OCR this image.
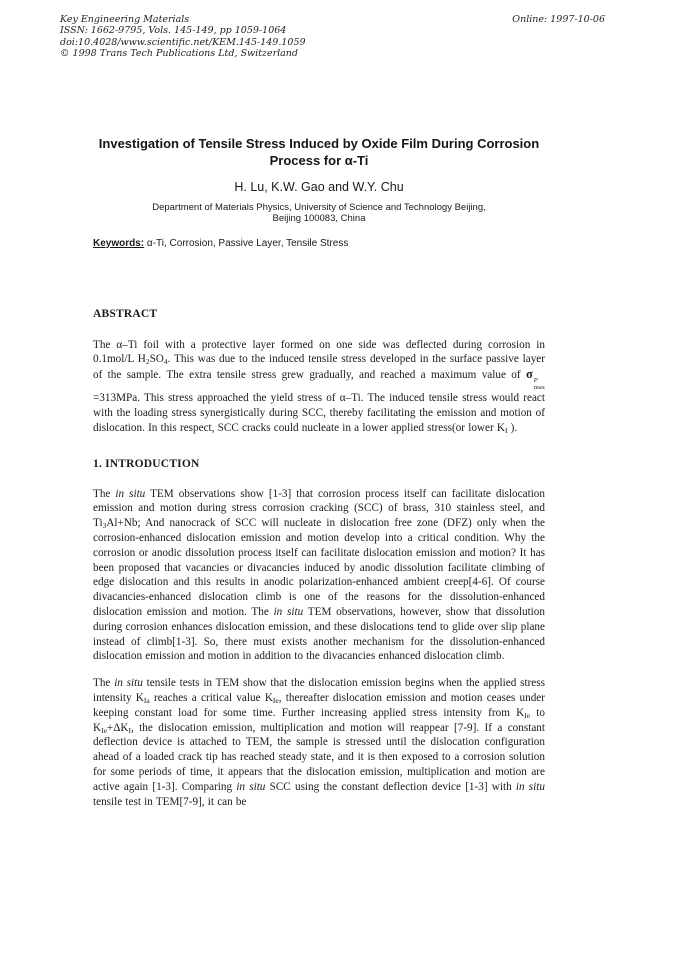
Key Engineering Materials
ISSN: 1662-9795, Vols. 145-149, pp 1059-1064
doi:10.4028/www.scientific.net/KEM.145-149.1059
© 1998 Trans Tech Publications Ltd, Switzerland
Online: 1997-10-06
Investigation of Tensile Stress Induced by Oxide Film During Corrosion
Process for α-Ti
H. Lu, K.W. Gao and W.Y. Chu
Department of Materials Physics, University of Science and Technology Beijing,
Beijing 100083, China
Keywords: α-Ti, Corrosion, Passive Layer, Tensile Stress
ABSTRACT

The α–Ti foil with a protective layer formed on one side was deflected during corrosion in 0.1mol/L $H_2SO_4$. This was due to the induced tensile stress developed in the surface passive layer of the sample. The extra tensile stress grew gradually, and reached a maximum value of σ P
max
=313MPa. This stress approached the yield stress of α–Ti. The induced tensile stress would react with the loading stress synergistically during SCC, thereby facilitating the emission and motion of dislocation. In this respect, SCC cracks could nucleate in a lower applied stress(or lower $K_I$ ).

1. INTRODUCTION

The in situ TEM observations show [1-3] that corrosion process itself can facilitate dislocation emission and motion during stress corrosion cracking (SCC) of brass, 310 stainless steel, and $Ti_3Al+Nb$; And nanocrack of SCC will nucleate in dislocation free zone (DFZ) only when the corrosion-enhanced dislocation emission and motion develop into a critical condition. Why the corrosion or anodic dissolution process itself can facilitate dislocation emission and motion? It has been proposed that vacancies or divacancies induced by anodic dissolution facilitate climbing of edge dislocation and this results in anodic polarization-enhanced ambient creep[4-6]. Of course divacancies-enhanced dislocation climb is one of the reasons for the dissolution-enhanced dislocation emission and motion. The in situ TEM observations, however, show that dissolution during corrosion enhances dislocation emission, and these dislocations tend to glide over slip plane instead of climb[1-3]. So, there must exists another mechanism for the dissolution-enhanced dislocation emission and motion in addition to the divacancies enhanced dislocation climb.

The in situ tensile tests in TEM show that the dislocation emission begins when the applied stress intensity $K_{Ia}$ reaches a critical value $K_{Ie}$, thereafter dislocation emission and motion ceases under keeping constant load for some time. Further increasing applied stress intensity from $K_{Ie}$ to $K_{Ie}+\Delta K_I$, the dislocation emission, multiplication and motion will reappear [7-9]. If a constant deflection device is attached to TEM, the sample is stressed until the dislocation configuration ahead of a loaded crack tip has reached steady state, and it is then exposed to a corrosion solution for some periods of time, it appears that the dislocation emission, multiplication and motion are active again [1-3]. Comparing in situ SCC using the constant deflection device [1-3] with in situ tensile test in TEM[7-9], it can be
